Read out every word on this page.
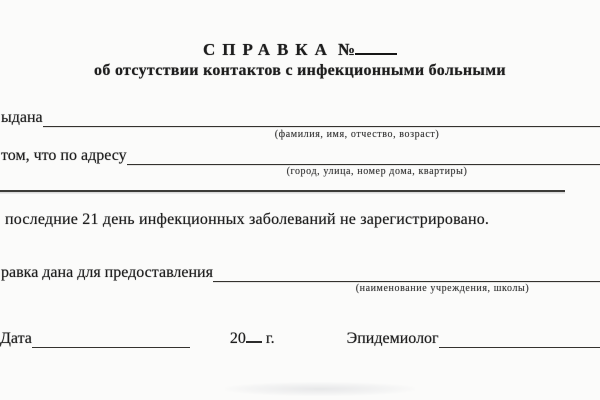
СПРАВКА №
об отсутствии контактов с инфекционными больными
ыдана
(фамилия, имя, отчество, возраст)
том, что по адресу
(город, улица, номер дома, квартиры)
последние 21 день инфекционных заболеваний не зарегистрировано.
равка дана для предоставления
(наименование учреждения, школы)
Дата	20 г.	Эпидемиолог
